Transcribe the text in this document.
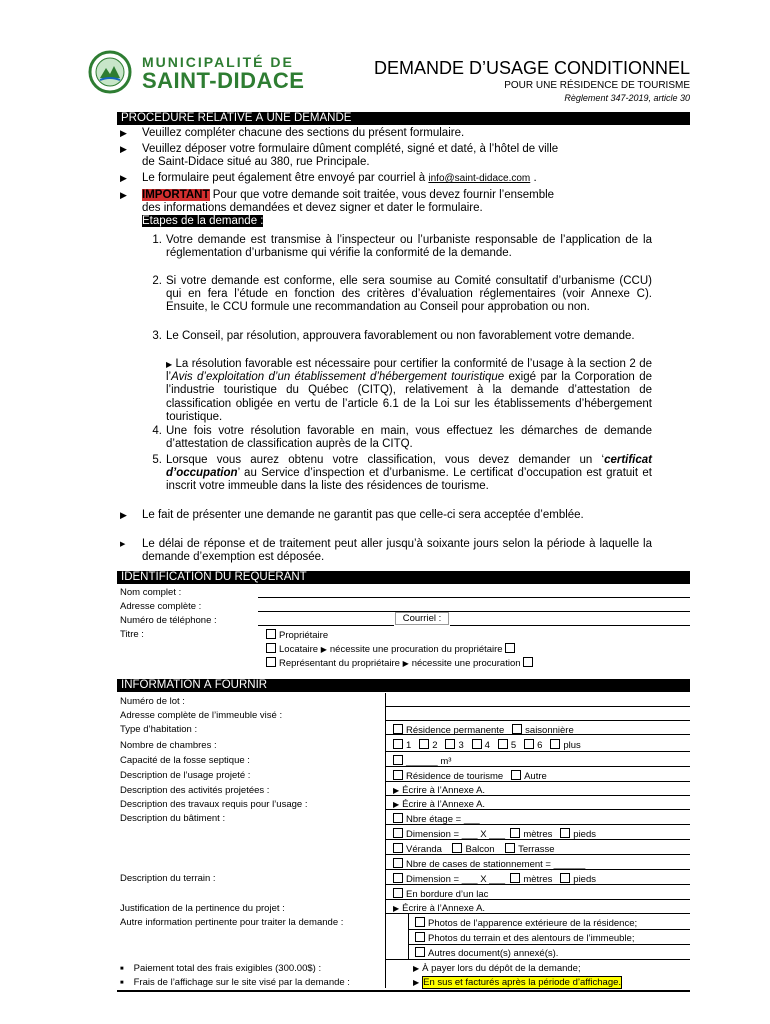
MUNICIPALITÉ DE
SAINT-DIDACE	DEMANDE D’USAGE CONDITIONNEL
POUR UNE RÉSIDENCE DE TOURISME
Règlement 347-2019, article 30
PROCÉDURE RELATIVE À UNE DEMANDE
▶ Veuillez compléter chacune des sections du présent formulaire.
▶ Veuillez déposer votre formulaire dûment complété, signé et daté, à l’hôtel de ville
de Saint-Didace situé au 380, rue Principale.
▶ Le formulaire peut également être envoyé par courriel à info@saint-didace.com .
▶ IMPORTANT Pour que votre demande soit traitée, vous devez fournir l’ensemble
des informations demandées et devez signer et dater le formulaire.
Étapes de la demande :
1. Votre demande est transmise à l’inspecteur ou l’urbaniste responsable de l’application de la réglementation d’urbanisme qui vérifie la conformité de la demande.
2. Si votre demande est conforme, elle sera soumise au Comité consultatif d’urbanisme (CCU) qui en fera l’étude en fonction des critères d’évaluation réglementaires (voir Annexe C). Ensuite, le CCU formule une recommandation au Conseil pour approbation ou non.
3. Le Conseil, par résolution, approuvera favorablement ou non favorablement votre demande.
▶ La résolution favorable est nécessaire pour certifier la conformité de l’usage à la section 2 de l’Avis d’exploitation d’un établissement d’hébergement touristique exigé par la Corporation de l’industrie touristique du Québec (CITQ), relativement à la demande d’attestation de classification obligée en vertu de l’article 6.1 de la Loi sur les établissements d’hébergement touristique.
4. Une fois votre résolution favorable en main, vous effectuez les démarches de demande d’attestation de classification auprès de la CITQ.
5. Lorsque vous aurez obtenu votre classification, vous devez demander un ‘certificat d’occupation’ au Service d’inspection et d’urbanisme. Le certificat d’occupation est gratuit et inscrit votre immeuble dans la liste des résidences de tourisme.
▶ Le fait de présenter une demande ne garantit pas que celle-ci sera acceptée d’emblée.
▶ Le délai de réponse et de traitement peut aller jusqu’à soixante jours selon la période à laquelle la demande d’exemption est déposée.
IDENTIFICATION DU REQUÉRANT
Nom complet :
Adresse complète :
Numéro de téléphone :	Courriel :
Titre :	Propriétaire
Locataire ▶ nécessite une procuration du propriétaire
Représentant du propriétaire ▶ nécessite une procuration
INFORMATION À FOURNIR
Numéro de lot :
Adresse complète de l’immeuble visé :
Type d’habitation :	Résidence permanente saisonnière
Nombre de chambres :	1 2 3 4 5 6 plus
Capacité de la fosse septique :	______ m³
Description de l’usage projeté :	Résidence de tourisme Autre
Description des activités projetées :	▶ Écrire à l’Annexe A.
Description des travaux requis pour l’usage :	▶ Écrire à l’Annexe A.
Description du bâtiment :	Nbre étage = ___
Dimension = ___ X ___ mètres pieds
Véranda Balcon Terrasse
Nbre de cases de stationnement = ______
Description du terrain :	Dimension = ___ X ___ mètres pieds
En bordure d’un lac
Justification de la pertinence du projet :	▶ Écrire à l’Annexe A.
Autre information pertinente pour traiter la demande :	Photos de l’apparence extérieure de la résidence;
Photos du terrain et des alentours de l’immeuble;
Autres document(s) annexé(s).
■ Paiement total des frais exigibles (300.00$) :	▶ À payer lors du dépôt de la demande;
■ Frais de l’affichage sur le site visé par la demande :	▶ En sus et facturés après la période d’affichage.
